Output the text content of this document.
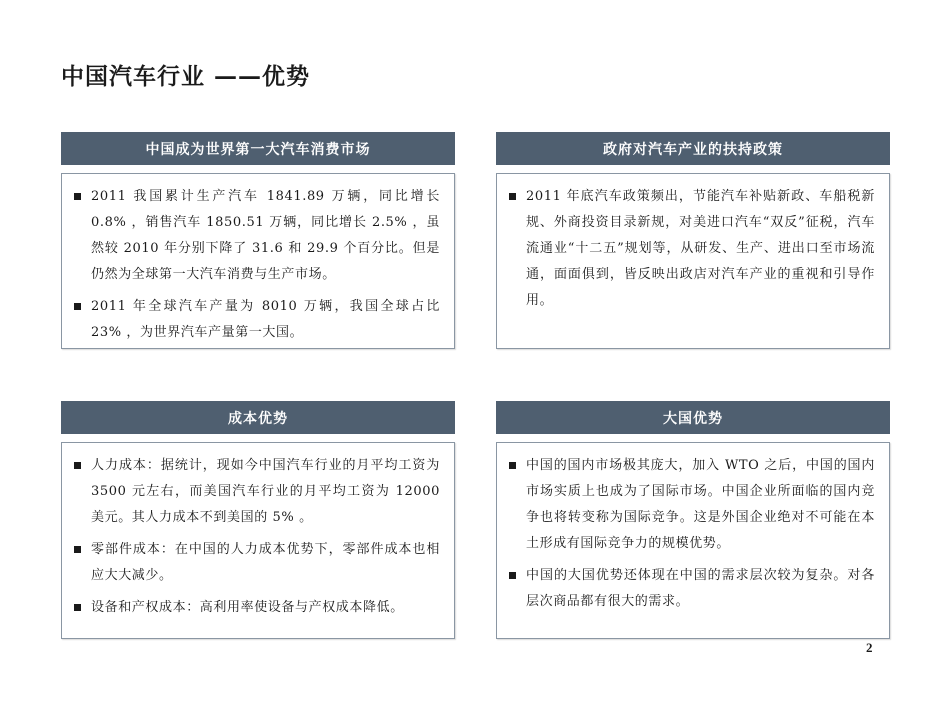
中国汽车行业 ——优势
中国成为世界第一大汽车消费市场
2011 我国累计生产汽车 1841.89 万辆，同比增长 0.8% ，销售汽车 1850.51 万辆，同比增长 2.5% ，虽然较 2010 年分别下降了 31.6 和 29.9 个百分比。但是仍然为全球第一大汽车消费与生产市场。
2011 年全球汽车产量为 8010 万辆，我国全球占比 23% ，为世界汽车产量第一大国。
政府对汽车产业的扶持政策
2011 年底汽车政策频出，节能汽车补贴新政、车船税新规、外商投资目录新规，对美进口汽车“双反”征税，汽车流通业“十二五”规划等，从研发、生产、进出口至市场流通，面面俱到，皆反映出政店对汽车产业的重视和引导作用。
成本优势
人力成本：据统计，现如今中国汽车行业的月平均工资为 3500 元左右，而美国汽车行业的月平均工资为 12000 美元。其人力成本不到美国的 5% 。
零部件成本：在中国的人力成本优势下，零部件成本也相应大大减少。
设备和产权成本：高利用率使设备与产权成本降低。
大国优势
中国的国内市场极其庞大，加入 WTO 之后，中国的国内市场实质上也成为了国际市场。中国企业所面临的国内竞争也将转变称为国际竞争。这是外国企业绝对不可能在本土形成有国际竞争力的规模优势。
中国的大国优势还体现在中国的需求层次较为复杂。对各层次商品都有很大的需求。
2
